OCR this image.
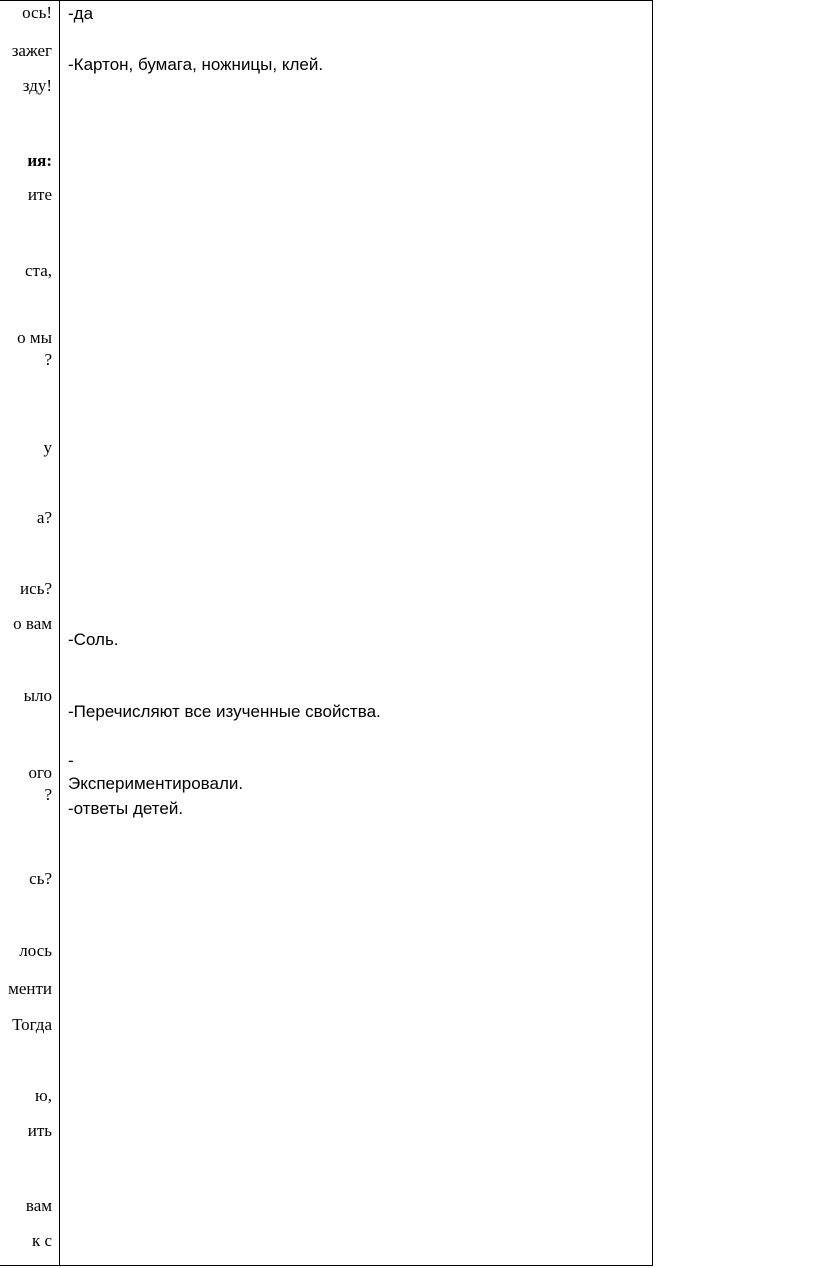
ось!
зажег
зду!
ия:
ите
ста,
о мы
?
у
а?
ись?
о вам
ыло
ого
?
сь?
лось
менти
Тогда
ю,
ить
вам
к с
-да
-Картон, бумага, ножницы, клей.
-Соль.
-Перечисляют все изученные свойства.
-
Экспериментировали.
-ответы детей.
